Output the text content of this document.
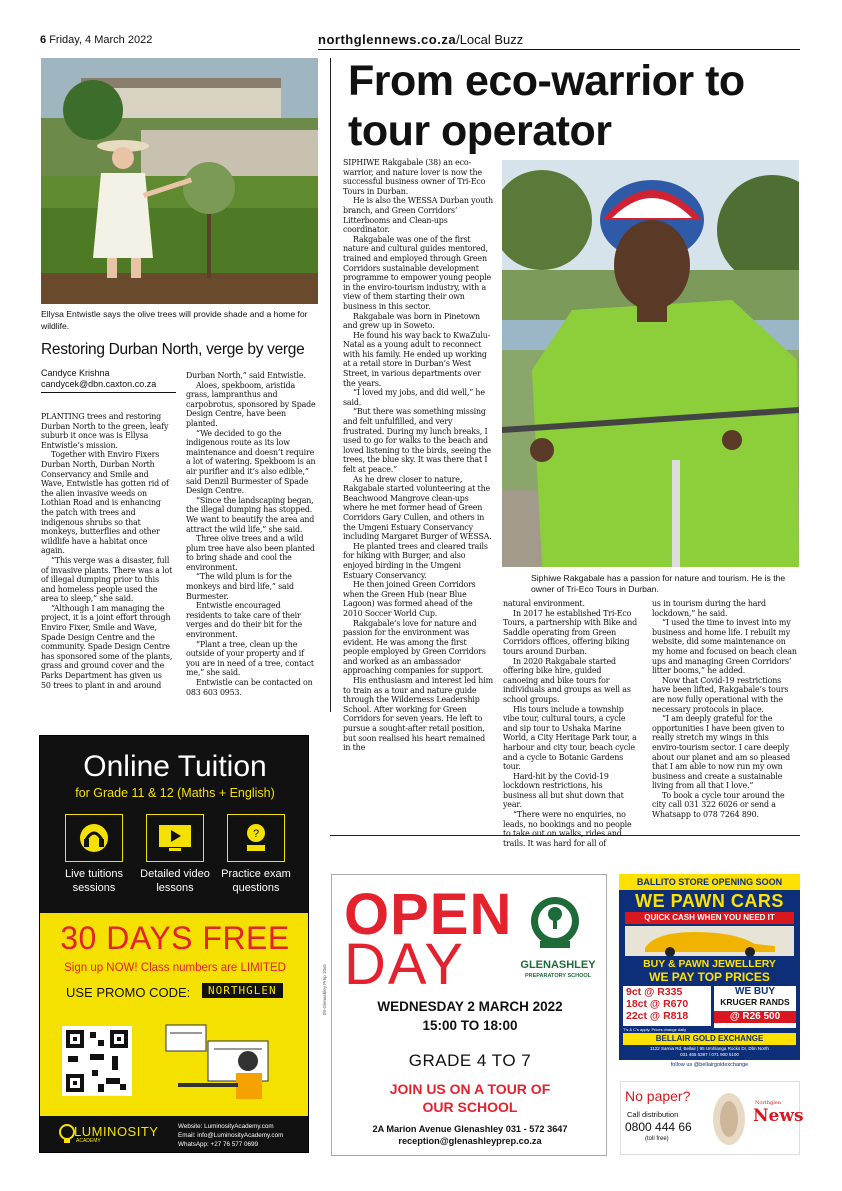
6 Friday, 4 March 2022	northglennews.co.za/Local Buzz
Ellysa Entwistle says the olive trees will provide shade and a home for wildlife.
Restoring Durban North, verge by verge
Candyce Krishna
candycek@dbn.caxton.co.za

PLANTING trees and restoring Durban North to the green, leafy suburb it once was is Ellysa Entwistle’s mission.

Together with Enviro Fixers Durban North, Durban North Conservancy and Smile and Wave, Entwistle has gotten rid of the alien invasive weeds on Lothian Road and is enhancing the patch with trees and indigenous shrubs so that monkeys, butterflies and other wildlife have a habitat once again.

“This verge was a disaster, full of invasive plants. There was a lot of illegal dumping prior to this and homeless people used the area to sleep,” she said.

“Although I am managing the project, it is a joint effort through Enviro Fixer, Smile and Wave, Spade Design Centre and the community. Spade Design Centre has sponsored some of the plants, grass and ground cover and the Parks Department has given us 50 trees to plant in and around

Durban North,” said Entwistle.

Aloes, spekboom, aristida grass, lampranthus and carpobrotus, sponsored by Spade Design Centre, have been planted.

“We decided to go the indigenous route as its low maintenance and doesn’t require a lot of watering. Spekboom is an air purifier and it’s also edible,” said Denzil Burmester of Spade Design Centre.

“Since the landscaping began, the illegal dumping has stopped. We want to beautify the area and attract the wild life,” she said.

Three olive trees and a wild plum tree have also been planted to bring shade and cool the environment.

“The wild plum is for the monkeys and bird life,” said Burmester.

Entwistle encouraged residents to take care of their verges and do their bit for the environment.

“Plant a tree, clean up the outside of your property and if you are in need of a tree, contact me,” she said.

Entwistle can be contacted on 083 603 0953.

From eco-warrior to tour operator

SIPHIWE Rakgabale (38) an eco-warrior, and nature lover is now the successful business owner of Tri-Eco Tours in Durban.

He is also the WESSA Durban youth branch, and Green Corridors’ Litterbooms and Clean-ups coordinator.

Rakgabale was one of the first nature and cultural guides mentored, trained and employed through Green Corridors sustainable development programme to empower young people in the enviro-tourism industry, with a view of them starting their own business in this sector.

Rakgabale was born in Pinetown and grew up in Soweto.

He found his way back to KwaZulu-Natal as a young adult to reconnect with his family. He ended up working at a retail store in Durban’s West Street, in various departments over the years.

“I loved my jobs, and did well,” he said.

“But there was something missing and felt unfulfilled, and very frustrated. During my lunch breaks, I used to go for walks to the beach and loved listening to the birds, seeing the trees, the blue sky. It was there that I felt at peace.”

As he drew closer to nature, Rakgabale started volunteering at the Beachwood Mangrove clean-ups where he met former head of Green Corridors Gary Cullen, and others in the Umgeni Estuary Conservancy including Margaret Burger of WESSA.

He planted trees and cleared trails for hiking with Burger, and also enjoyed birding in the Umgeni Estuary Conservancy.

He then joined Green Corridors when the Green Hub (near Blue Lagoon) was formed ahead of the 2010 Soccer World Cup.

Rakgabale’s love for nature and passion for the environment was evident. He was among the first people employed by Green Corridors and worked as an ambassador approaching companies for support.

His enthusiasm and interest led him to train as a tour and nature guide through the Wilderness Leadership School. After working for Green Corridors for seven years. He left to pursue a sought-after retail position, but soon realised his heart remained in the

Siphiwe Rakgabale has a passion for nature and tourism. He is the owner of Tri-Eco Tours in Durban.

natural environment.

In 2017 he established Tri-Eco Tours, a partnership with Bike and Saddle operating from Green Corridors offices, offering biking tours around Durban.

In 2020 Rakgabale started offering bike hire, guided canoeing and bike tours for individuals and groups as well as school groups.

His tours include a township vibe tour, cultural tours, a cycle and sip tour to Ushaka Marine World, a City Heritage Park tour, a harbour and city tour, beach cycle and a cycle to Botanic Gardens tour.

Hard-hit by the Covid-19 lockdown restrictions, his business all but shut down that year.

“There were no enquiries, no leads, no bookings and no people to take out on walks, rides and trails. It was hard for all of

us in tourism during the hard lockdown,” he said.

“I used the time to invest into my business and home life. I rebuilt my website, did some maintenance on my home and focused on beach clean ups and managing Green Corridors’ litter booms,” he added.

Now that Covid-19 restrictions have been lifted, Rakgabale’s tours are now fully operational with the necessary protocols in place.

“I am deeply grateful for the opportunities I have been given to really stretch my wings in this enviro-tourism sector. I care deeply about our planet and am so pleased that I am able to now run my own business and create a sustainable living from all that I love.”

To book a cycle tour around the city call 031 322 6026 or send a Whatsapp to 078 7264 890.

Online Tuition
for Grade 11 & 12 (Maths + English)
?
Live tuitions sessions
Detailed video lessons
Practice exam questions
30 DAYS FREE
Sign up NOW! Class numbers are LIMITED
USE PROMO CODE:	NORTHGLEN
LUMINOSITY
ACADEMY
Website: LuminosityAcademy.com
Email: info@LuminosityAcademy.com
WhatsApp: +27 76 577 0699
OPEN
DAY	GLENASHLEY
PREPARATORY SCHOOL
WEDNESDAY 2 MARCH 2022
15:00 TO 18:00
GRADE 4 TO 7
JOIN US ON A TOUR OF
OUR SCHOOL
2A Marion Avenue Glenashley 031 - 572 3647
reception@glenashleyprep.co.za
09-Glenashley Prep 10x5
BALLITO STORE OPENING SOON
WE PAWN CARS
QUICK CASH WHEN YOU NEED IT
BUY & PAWN JEWELLERY
WE PAY TOP PRICES
9ct @ R335
18ct @ R670
22ct @ R818
T’s & C’s apply. Prices change daily
WE BUY
KRUGER RANDS
@ R26 500
BELLAIR GOLD EXCHANGE
1122 Sarnia Rd, Bellair | 95 Umhlanga Rocks Dr, Dbn North
031 465 5397 / 071 900 5100
follow us @bellairgoldexchange
No paper?
Call distribution
0800 444 66
(toll free)
Northglen
News
